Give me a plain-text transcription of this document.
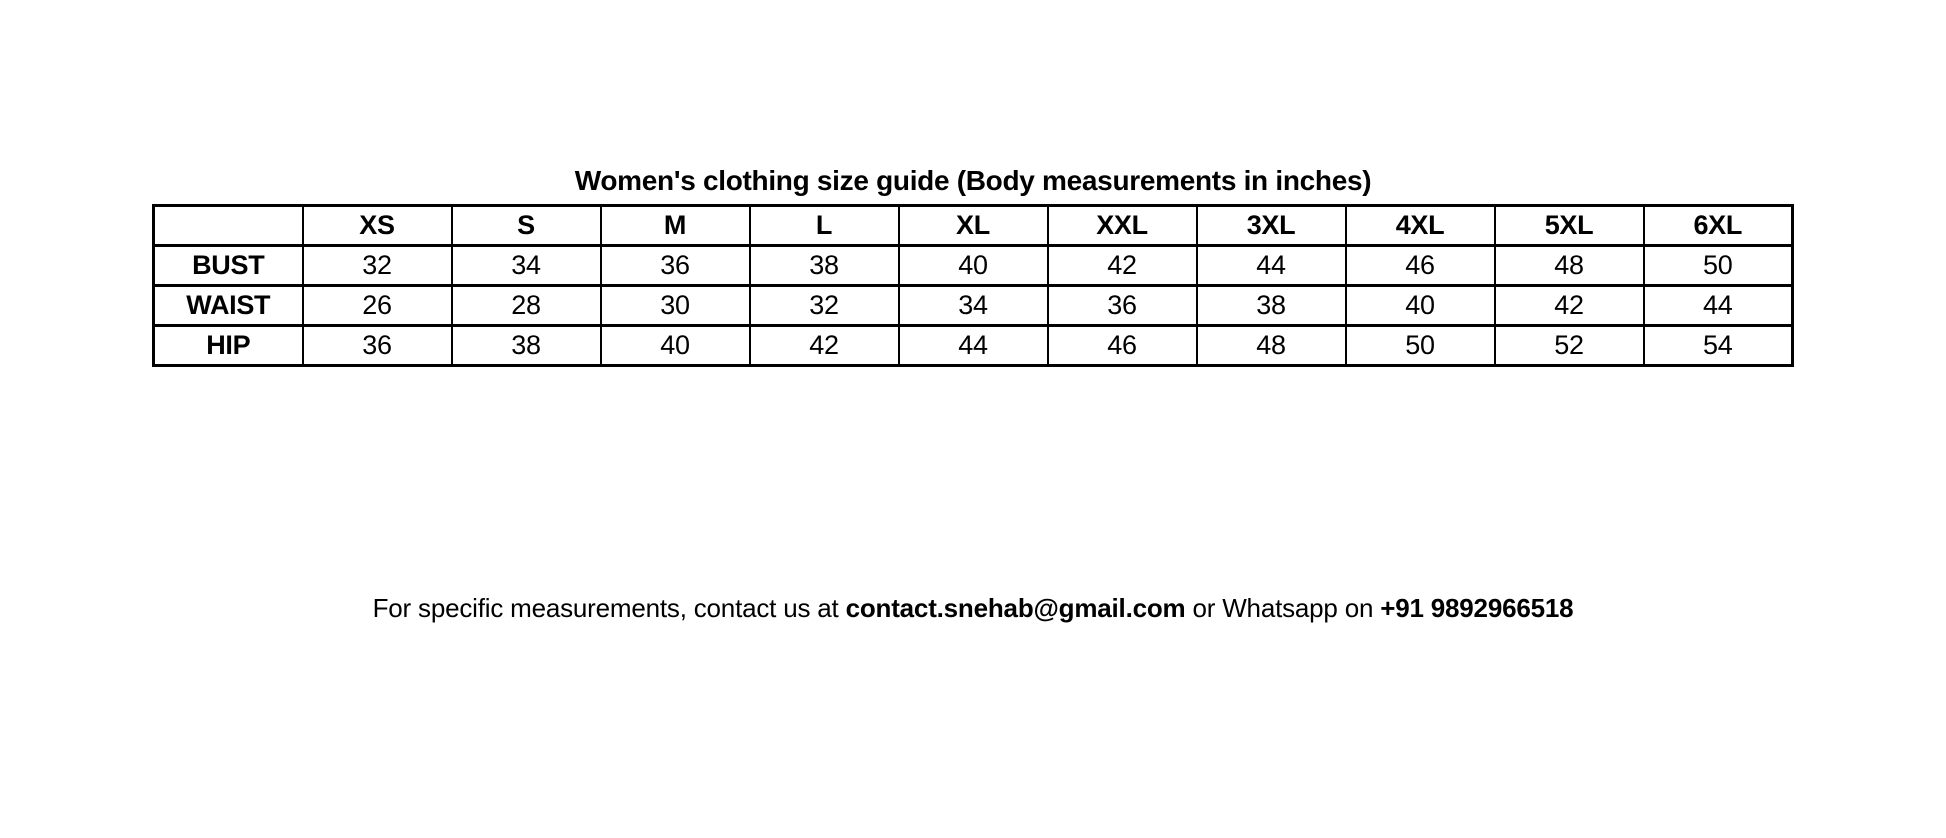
Women's clothing size guide (Body measurements in inches)
	XS	S	M	L	XL	XXL	3XL	4XL	5XL	6XL
BUST	32	34	36	38	40	42	44	46	48	50
WAIST	26	28	30	32	34	36	38	40	42	44
HIP	36	38	40	42	44	46	48	50	52	54

For specific measurements, contact us at contact.snehab@gmail.com or Whatsapp on +91 9892966518
